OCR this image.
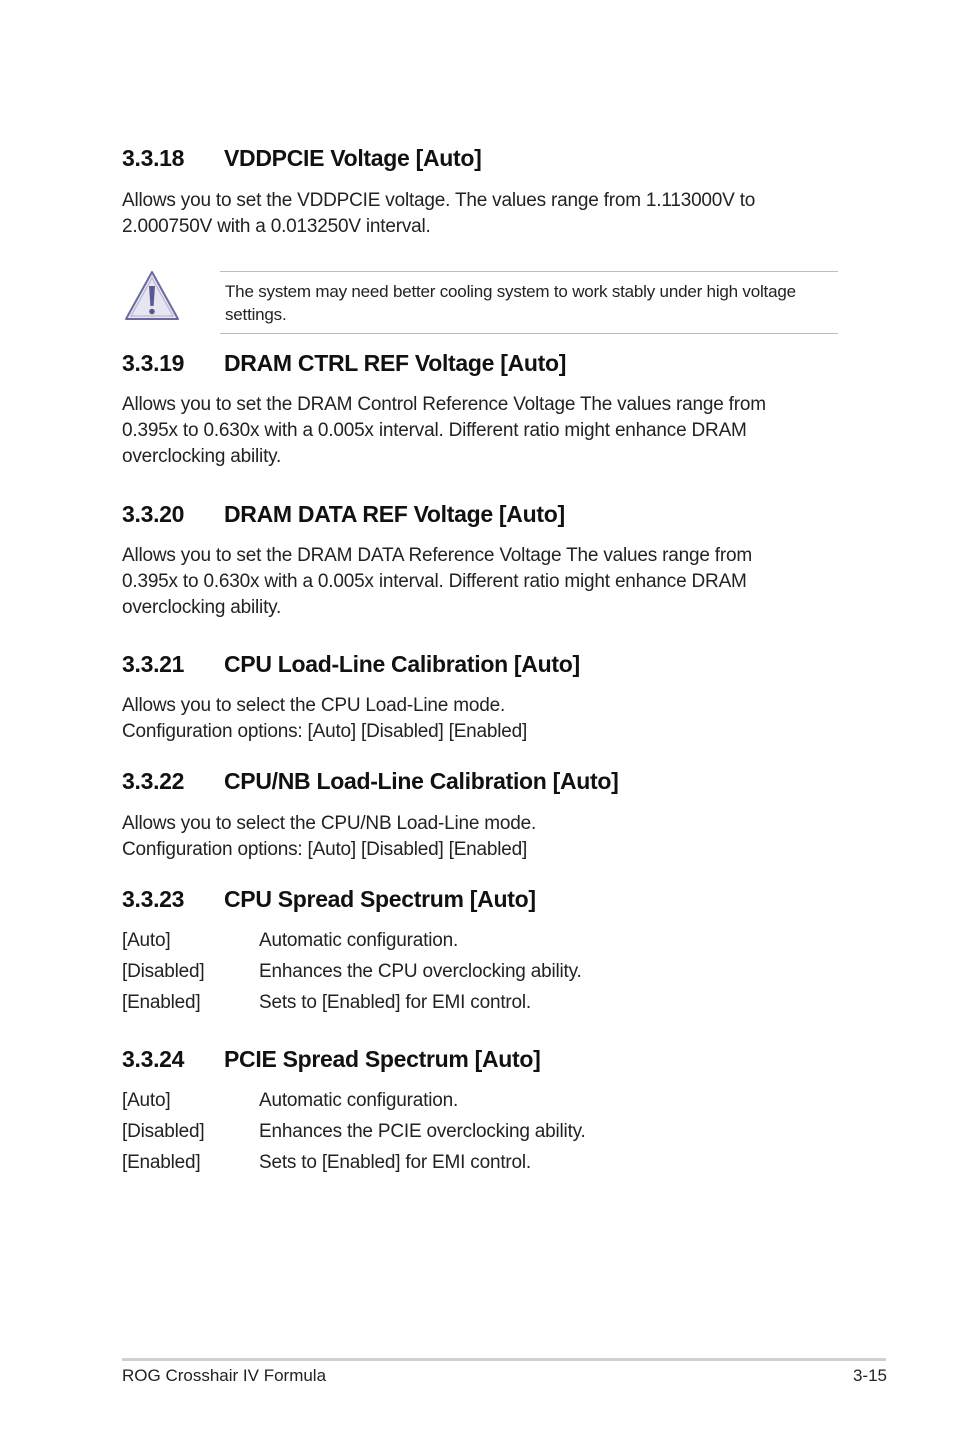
3.3.18 VDDPCIE Voltage [Auto]

Allows you to set the VDDPCIE voltage. The values range from 1.113000V to

2.000750V with a 0.013250V interval.

The system may need better cooling system to work stably under high voltage
settings.
3.3.19 DRAM CTRL REF Voltage [Auto]

Allows you to set the DRAM Control Reference Voltage The values range from

0.395x to 0.630x with a 0.005x interval. Different ratio might enhance DRAM

overclocking ability.

3.3.20 DRAM DATA REF Voltage [Auto]

Allows you to set the DRAM DATA Reference Voltage The values range from

0.395x to 0.630x with a 0.005x interval. Different ratio might enhance DRAM

overclocking ability.

3.3.21 CPU Load-Line Calibration [Auto]

Allows you to select the CPU Load-Line mode.

Configuration options: [Auto] [Disabled] [Enabled]

3.3.22 CPU/NB Load-Line Calibration [Auto]

Allows you to select the CPU/NB Load-Line mode.

Configuration options: [Auto] [Disabled] [Enabled]

3.3.23 CPU Spread Spectrum [Auto]
[Auto]	Automatic configuration.
[Disabled]	Enhances the CPU overclocking ability.
[Enabled]	Sets to [Enabled] for EMI control.
3.3.24 PCIE Spread Spectrum [Auto]
[Auto]	Automatic configuration.
[Disabled]	Enhances the PCIE overclocking ability.
[Enabled]	Sets to [Enabled] for EMI control.
ROG Crosshair IV Formula	3-15
